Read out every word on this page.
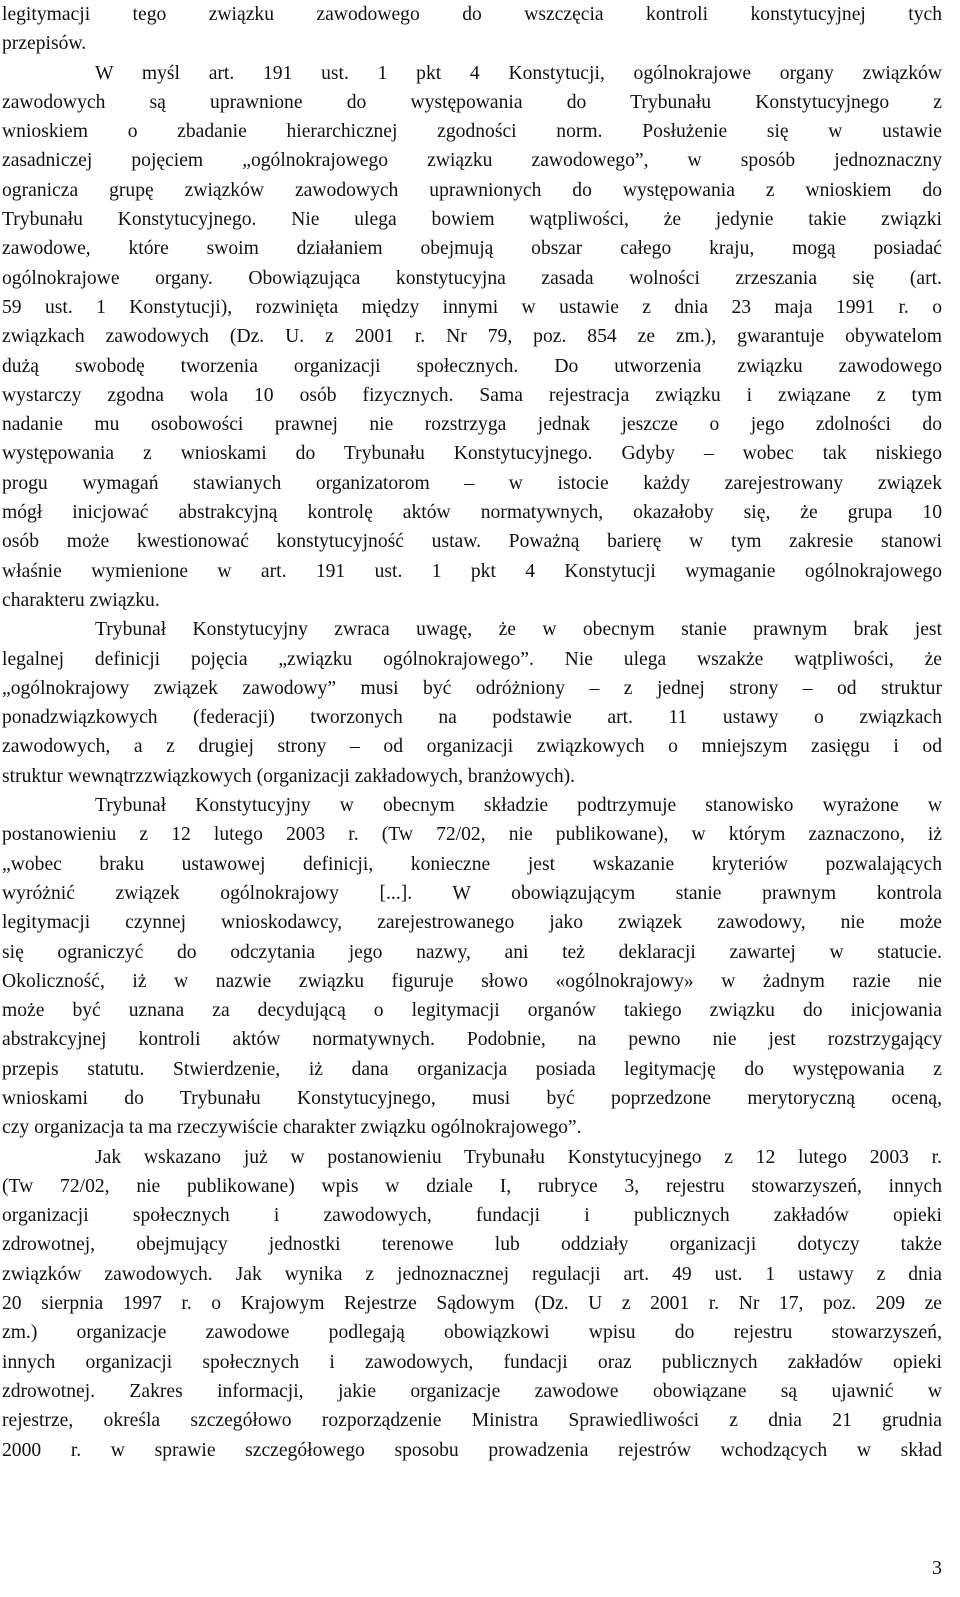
legitymacji tego związku zawodowego do wszczęcia kontroli konstytucyjnej tych
przepisów.
W myśl art. 191 ust. 1 pkt 4 Konstytucji, ogólnokrajowe organy związków
zawodowych są uprawnione do występowania do Trybunału Konstytucyjnego z
wnioskiem o zbadanie hierarchicznej zgodności norm. Posłużenie się w ustawie
zasadniczej pojęciem „ogólnokrajowego związku zawodowego”, w sposób jednoznaczny
ogranicza grupę związków zawodowych uprawnionych do występowania z wnioskiem do
Trybunału Konstytucyjnego. Nie ulega bowiem wątpliwości, że jedynie takie związki
zawodowe, które swoim działaniem obejmują obszar całego kraju, mogą posiadać
ogólnokrajowe organy. Obowiązująca konstytucyjna zasada wolności zrzeszania się (art.
59 ust. 1 Konstytucji), rozwinięta między innymi w ustawie z dnia 23 maja 1991 r. o
związkach zawodowych (Dz. U. z 2001 r. Nr 79, poz. 854 ze zm.), gwarantuje obywatelom
dużą swobodę tworzenia organizacji społecznych. Do utworzenia związku zawodowego
wystarczy zgodna wola 10 osób fizycznych. Sama rejestracja związku i związane z tym
nadanie mu osobowości prawnej nie rozstrzyga jednak jeszcze o jego zdolności do
występowania z wnioskami do Trybunału Konstytucyjnego. Gdyby – wobec tak niskiego
progu wymagań stawianych organizatorom – w istocie każdy zarejestrowany związek
mógł inicjować abstrakcyjną kontrolę aktów normatywnych, okazałoby się, że grupa 10
osób może kwestionować konstytucyjność ustaw. Poważną barierę w tym zakresie stanowi
właśnie wymienione w art. 191 ust. 1 pkt 4 Konstytucji wymaganie ogólnokrajowego
charakteru związku.
Trybunał Konstytucyjny zwraca uwagę, że w obecnym stanie prawnym brak jest
legalnej definicji pojęcia „związku ogólnokrajowego”. Nie ulega wszakże wątpliwości, że
„ogólnokrajowy związek zawodowy” musi być odróżniony – z jednej strony – od struktur
ponadzwiązkowych (federacji) tworzonych na podstawie art. 11 ustawy o związkach
zawodowych, a z drugiej strony – od organizacji związkowych o mniejszym zasięgu i od
struktur wewnątrzzwiązkowych (organizacji zakładowych, branżowych).
Trybunał Konstytucyjny w obecnym składzie podtrzymuje stanowisko wyrażone w
postanowieniu z 12 lutego 2003 r. (Tw 72/02, nie publikowane), w którym zaznaczono, iż
„wobec braku ustawowej definicji, konieczne jest wskazanie kryteriów pozwalających
wyróżnić związek ogólnokrajowy [...]. W obowiązującym stanie prawnym kontrola
legitymacji czynnej wnioskodawcy, zarejestrowanego jako związek zawodowy, nie może
się ograniczyć do odczytania jego nazwy, ani też deklaracji zawartej w statucie.
Okoliczność, iż w nazwie związku figuruje słowo «ogólnokrajowy» w żadnym razie nie
może być uznana za decydującą o legitymacji organów takiego związku do inicjowania
abstrakcyjnej kontroli aktów normatywnych. Podobnie, na pewno nie jest rozstrzygający
przepis statutu. Stwierdzenie, iż dana organizacja posiada legitymację do występowania z
wnioskami do Trybunału Konstytucyjnego, musi być poprzedzone merytoryczną oceną,
czy organizacja ta ma rzeczywiście charakter związku ogólnokrajowego”.
Jak wskazano już w postanowieniu Trybunału Konstytucyjnego z 12 lutego 2003 r.
(Tw 72/02, nie publikowane) wpis w dziale I, rubryce 3, rejestru stowarzyszeń, innych
organizacji społecznych i zawodowych, fundacji i publicznych zakładów opieki
zdrowotnej, obejmujący jednostki terenowe lub oddziały organizacji dotyczy także
związków zawodowych. Jak wynika z jednoznacznej regulacji art. 49 ust. 1 ustawy z dnia
20 sierpnia 1997 r. o Krajowym Rejestrze Sądowym (Dz. U z 2001 r. Nr 17, poz. 209 ze
zm.) organizacje zawodowe podlegają obowiązkowi wpisu do rejestru stowarzyszeń,
innych organizacji społecznych i zawodowych, fundacji oraz publicznych zakładów opieki
zdrowotnej. Zakres informacji, jakie organizacje zawodowe obowiązane są ujawnić w
rejestrze, określa szczegółowo rozporządzenie Ministra Sprawiedliwości z dnia 21 grudnia
2000 r. w sprawie szczegółowego sposobu prowadzenia rejestrów wchodzących w skład
3
